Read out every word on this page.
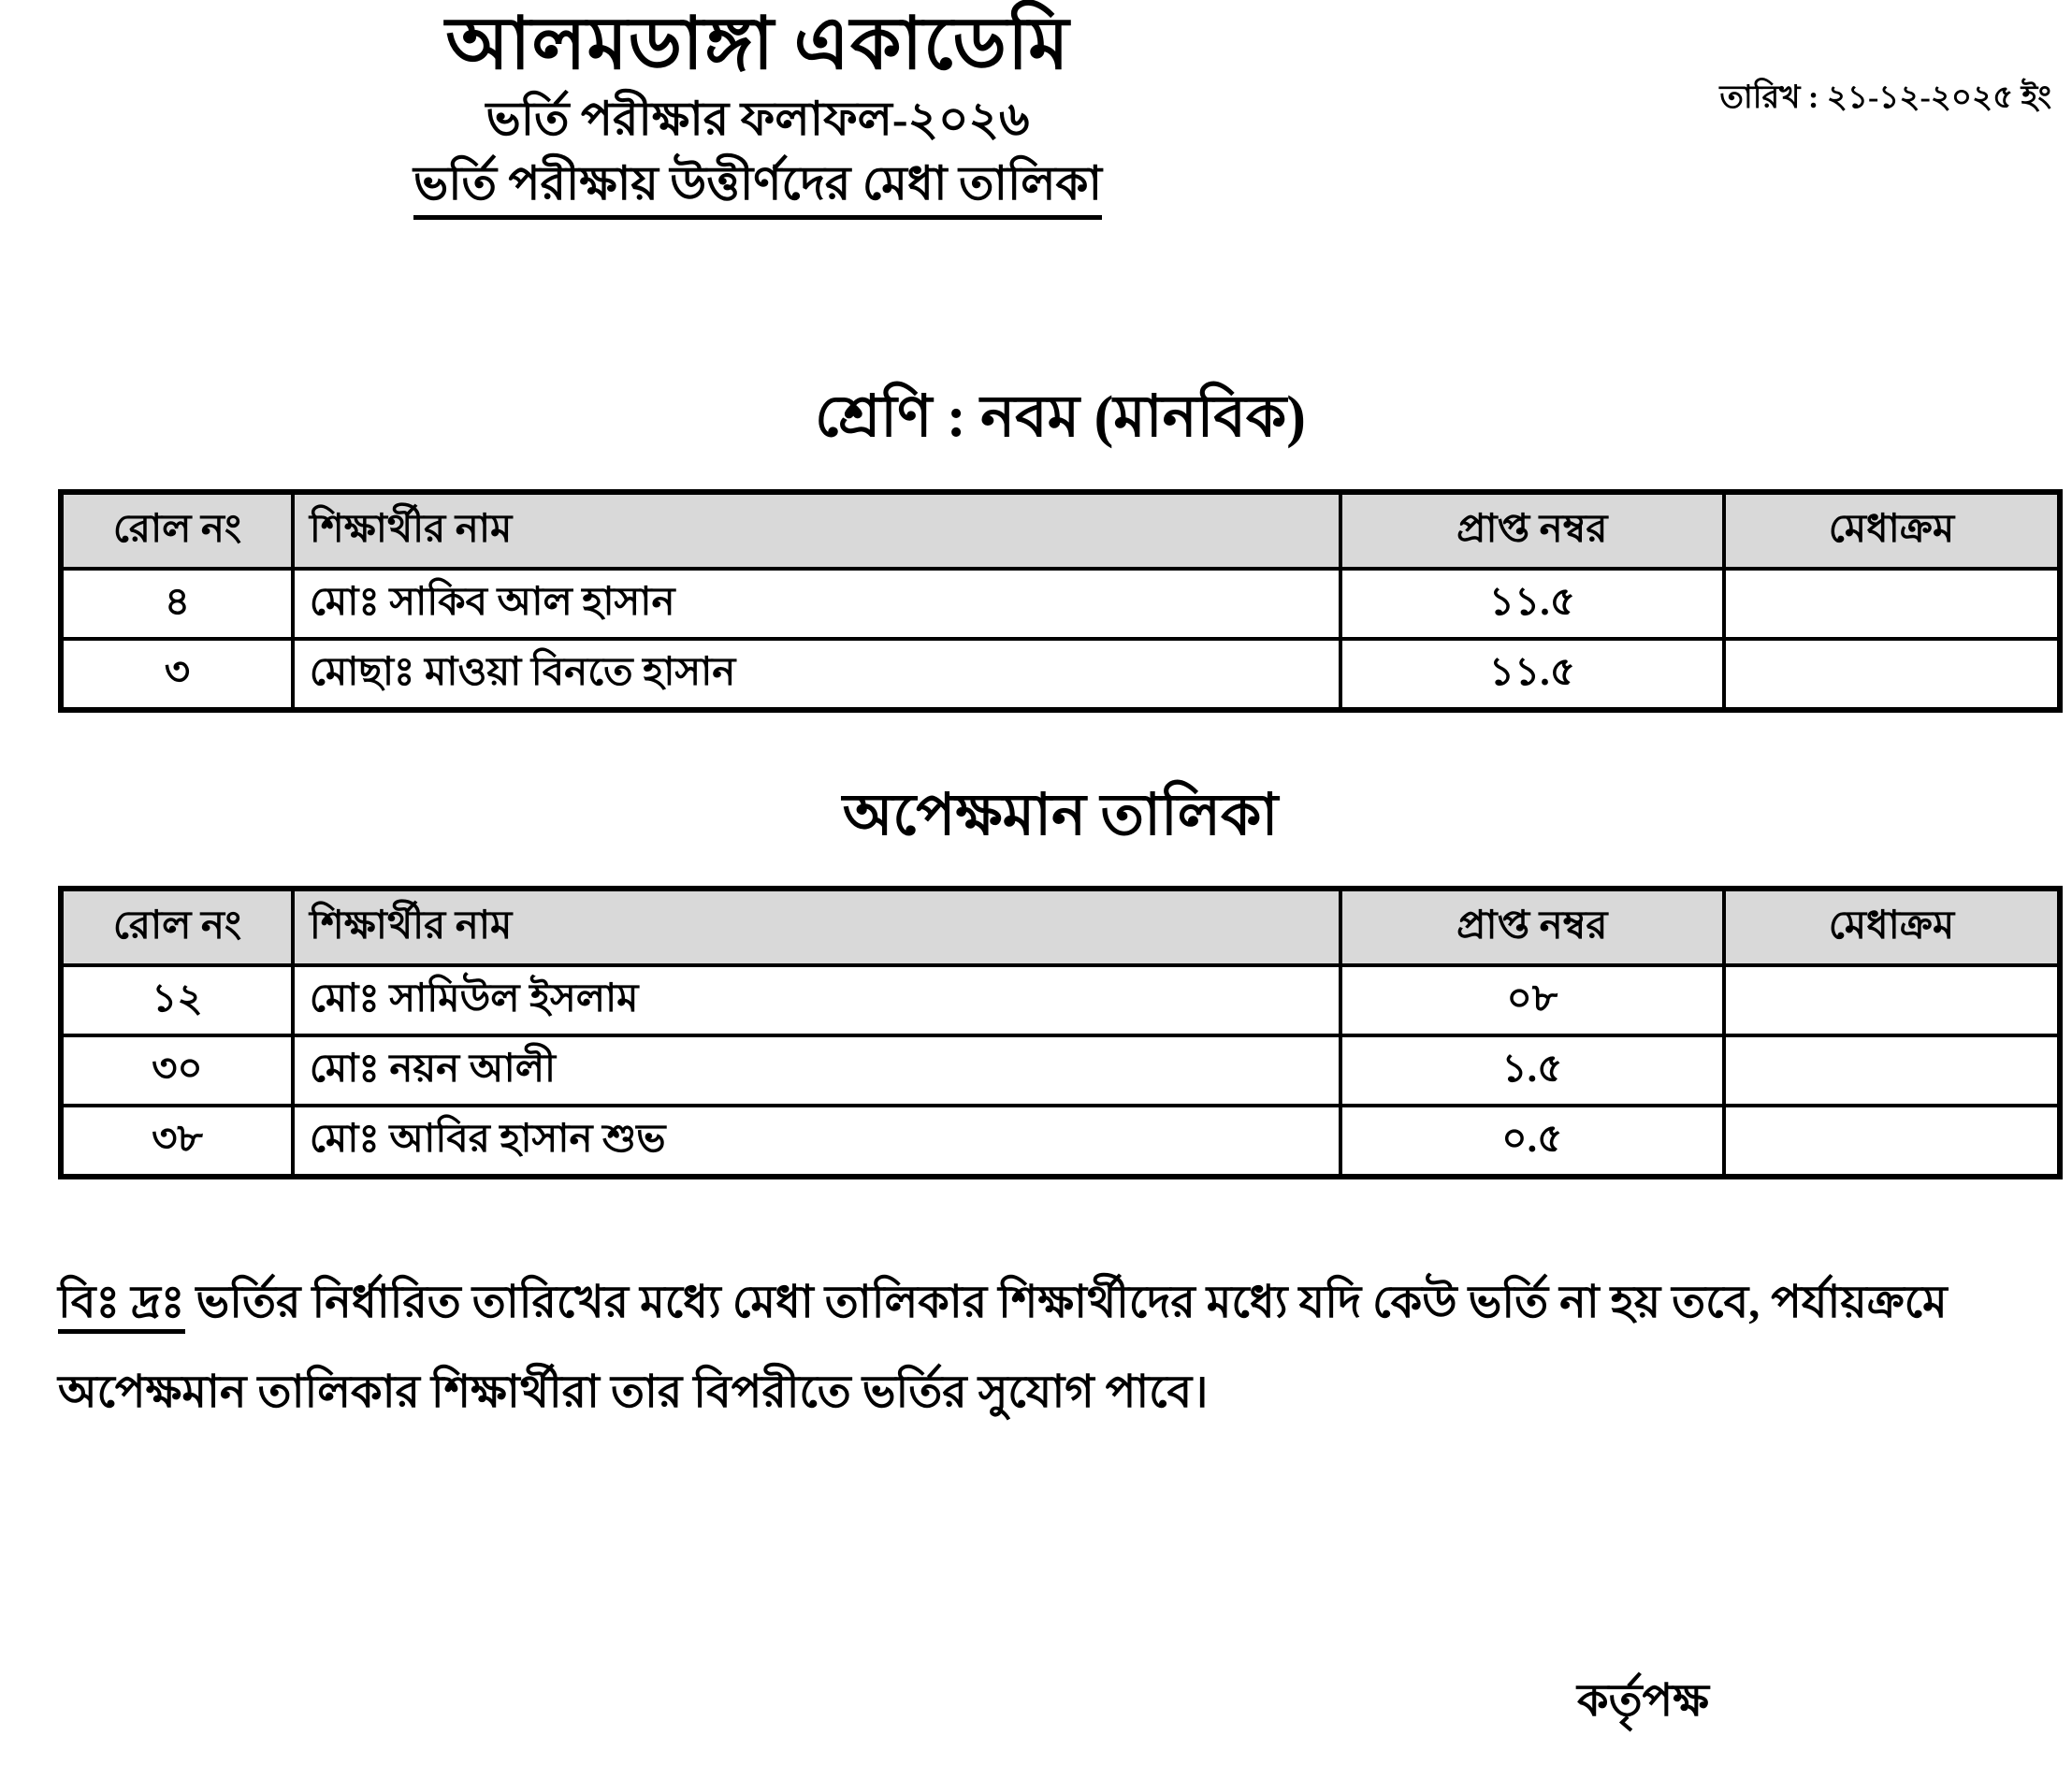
আলমডাঙ্গা একাডেমি
ভর্তি পরীক্ষার ফলাফল-২০২৬
ভর্তি পরীক্ষায় উত্তীর্ণদের মেধা তালিকা
তারিখ : ২১-১২-২০২৫ ইং
শ্রেণি : নবম (মানবিক)
রোল নং	শিক্ষার্থীর নাম	প্রাপ্ত নম্বর	মেধাক্রম
৪	মোঃ সাকিব আল হাসান	১১.৫	
৩	মোছাঃ মাওয়া বিনতে হাসান	১১.৫	
অপেক্ষমান তালিকা
রোল নং	শিক্ষার্থীর নাম	প্রাপ্ত নম্বর	মেধাক্রম
১২	মোঃ সামিউল ইসলাম	০৮	
৩০	মোঃ নয়ন আলী	১.৫	
৩৮	মোঃ আবির হাসান শুভ	০.৫	
বিঃ দ্রঃ ভর্তির নির্ধারিত তারিখের মধ্যে মেধা তালিকার শিক্ষার্থীদের মধ্যে যদি কেউ ভর্তি না হয় তবে, পর্যায়ক্রমে অপেক্ষমান তালিকার শিক্ষার্থীরা তার বিপরীতে ভর্তির সুযোগ পাবে।
কর্তৃপক্ষ
